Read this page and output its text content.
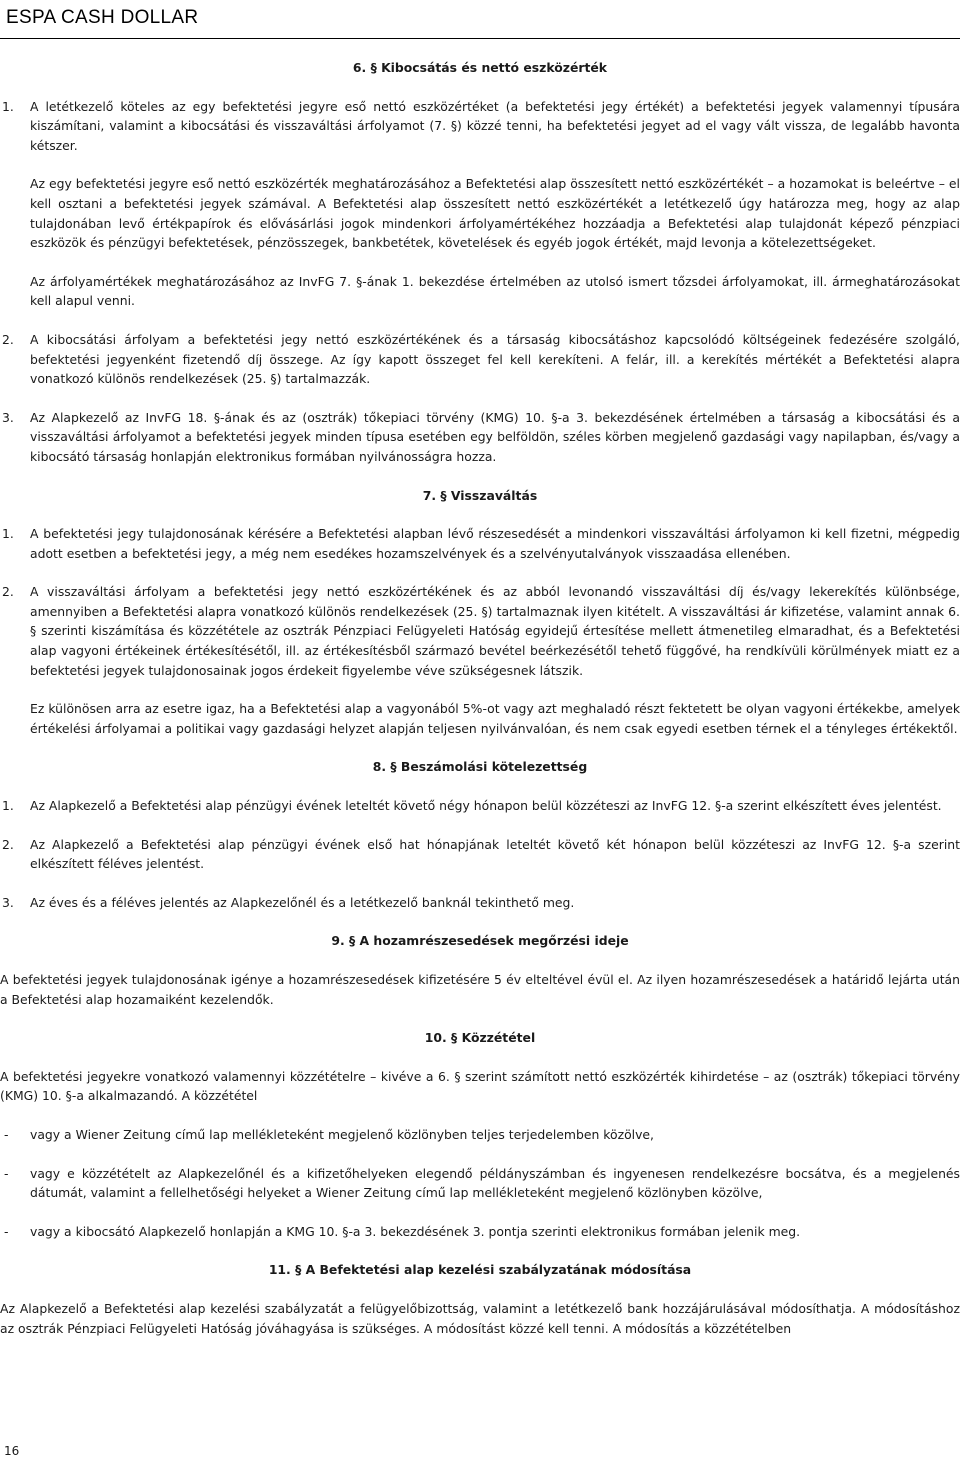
ESPA CASH DOLLAR
6. § Kibocsátás és nettó eszközérték
1. A letétkezelő köteles az egy befektetési jegyre eső nettó eszközértéket (a befektetési jegy értékét) a befektetési jegyek valamennyi típusára kiszámítani, valamint a kibocsátási és visszaváltási árfolyamot (7. §) közzé tenni, ha befektetési jegyet ad el vagy vált vissza, de legalább havonta kétszer.
Az egy befektetési jegyre eső nettó eszközérték meghatározásához a Befektetési alap összesített nettó eszközértékét – a hozamokat is beleértve – el kell osztani a befektetési jegyek számával. A Befektetési alap összesített nettó eszközértékét a letétkezelő úgy határozza meg, hogy az alap tulajdonában levő értékpapírok és elővásárlási jogok mindenkori árfolyamértékéhez hozzáadja a Befektetési alap tulajdonát képező pénzpiaci eszközök és pénzügyi befektetések, pénzösszegek, bankbetétek, követelések és egyéb jogok értékét, majd levonja a kötelezettségeket.
Az árfolyamértékek meghatározásához az InvFG 7. §-ának 1. bekezdése értelmében az utolsó ismert tőzsdei árfolyamokat, ill. ármeghatározásokat kell alapul venni.
2. A kibocsátási árfolyam a befektetési jegy nettó eszközértékének és a társaság kibocsátáshoz kapcsolódó költségeinek fedezésére szolgáló, befektetési jegyenként fizetendő díj összege. Az így kapott összeget fel kell kerekíteni. A felár, ill. a kerekítés mértékét a Befektetési alapra vonatkozó különös rendelkezések (25. §) tartalmazzák.
3. Az Alapkezelő az InvFG 18. §-ának és az (osztrák) tőkepiaci törvény (KMG) 10. §-a 3. bekezdésének értelmében a társaság a kibocsátási és a visszaváltási árfolyamot a befektetési jegyek minden típusa esetében egy belföldön, széles körben megjelenő gazdasági vagy napilapban, és/vagy a kibocsátó társaság honlapján elektronikus formában nyilvánosságra hozza.
7. § Visszaváltás
1. A befektetési jegy tulajdonosának kérésére a Befektetési alapban lévő részesedését a mindenkori visszaváltási árfolyamon ki kell fizetni, mégpedig adott esetben a befektetési jegy, a még nem esedékes hozamszelvények és a szelvényutalványok visszaadása ellenében.
2. A visszaváltási árfolyam a befektetési jegy nettó eszközértékének és az abból levonandó visszaváltási díj és/vagy lekerekítés különbsége, amennyiben a Befektetési alapra vonatkozó különös rendelkezések (25. §) tartalmaznak ilyen kitételt. A visszaváltási ár kifizetése, valamint annak 6. § szerinti kiszámítása és közzététele az osztrák Pénzpiaci Felügyeleti Hatóság egyidejű értesítése mellett átmenetileg elmaradhat, és a Befektetési alap vagyoni értékeinek értékesítésétől, ill. az értékesítésből származó bevétel beérkezésétől tehető függővé, ha rendkívüli körülmények miatt ez a befektetési jegyek tulajdonosainak jogos érdekeit figyelembe véve szükségesnek látszik.
Ez különösen arra az esetre igaz, ha a Befektetési alap a vagyonából 5%-ot vagy azt meghaladó részt fektetett be olyan vagyoni értékekbe, amelyek értékelési árfolyamai a politikai vagy gazdasági helyzet alapján teljesen nyilvánvalóan, és nem csak egyedi esetben térnek el a tényleges értékektől.
8. § Beszámolási kötelezettség
1. Az Alapkezelő a Befektetési alap pénzügyi évének leteltét követő négy hónapon belül közzéteszi az InvFG 12. §-a szerint elkészített éves jelentést.
2. Az Alapkezelő a Befektetési alap pénzügyi évének első hat hónapjának leteltét követő két hónapon belül közzéteszi az InvFG 12. §-a szerint elkészített féléves jelentést.
3. Az éves és a féléves jelentés az Alapkezelőnél és a letétkezelő banknál tekinthető meg.
9. § A hozamrészesedések megőrzési ideje
A befektetési jegyek tulajdonosának igénye a hozamrészesedések kifizetésére 5 év elteltével évül el. Az ilyen hozamrészesedések a határidő lejárta után a Befektetési alap hozamaiként kezelendők.
10. § Közzététel
A befektetési jegyekre vonatkozó valamennyi közzétételre – kivéve a 6. § szerint számított nettó eszközérték kihirdetése – az (osztrák) tőkepiaci törvény (KMG) 10. §-a alkalmazandó. A közzététel
- vagy a Wiener Zeitung című lap mellékleteként megjelenő közlönyben teljes terjedelemben közölve,
- vagy e közzétételt az Alapkezelőnél és a kifizetőhelyeken elegendő példányszámban és ingyenesen rendelkezésre bocsátva, és a megjelenés dátumát, valamint a fellelhetőségi helyeket a Wiener Zeitung című lap mellékleteként megjelenő közlönyben közölve,
- vagy a kibocsátó Alapkezelő honlapján a KMG 10. §-a 3. bekezdésének 3. pontja szerinti elektronikus formában jelenik meg.
11. § A Befektetési alap kezelési szabályzatának módosítása
Az Alapkezelő a Befektetési alap kezelési szabályzatát a felügyelőbizottság, valamint a letétkezelő bank hozzájárulásával módosíthatja. A módosításhoz az osztrák Pénzpiaci Felügyeleti Hatóság jóváhagyása is szükséges. A módosítást közzé kell tenni. A módosítás a közzétételben
16
